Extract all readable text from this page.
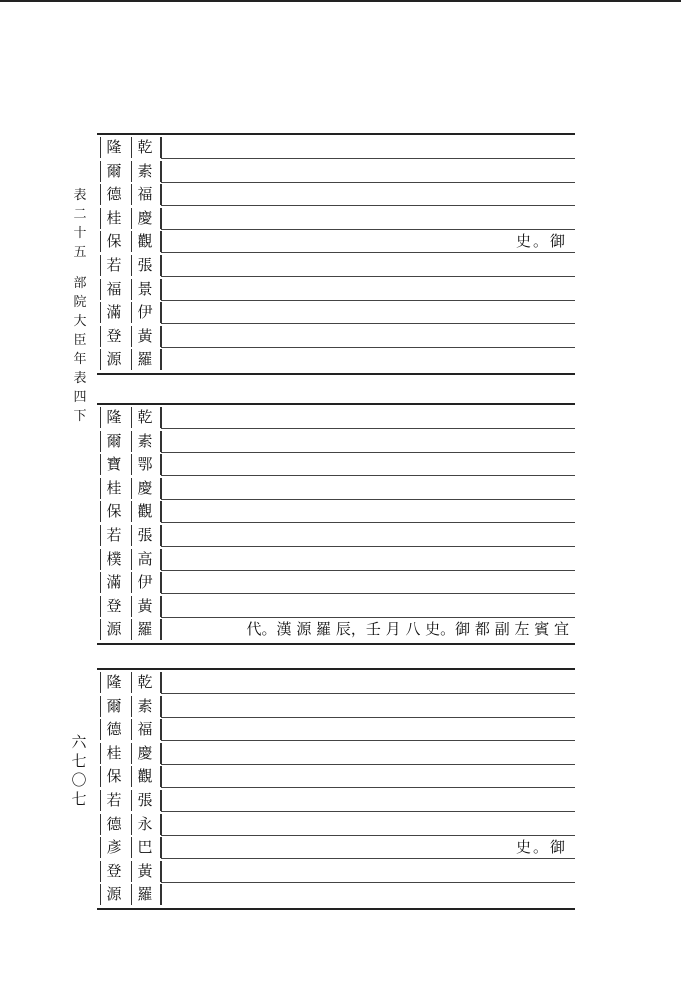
表
二
十
五
部
院
大
臣
年
表
四
下
六
七
〇
七
隆	乾
爾	素
德	福
桂	慶
保	觀	史。御
若	張
福	景
滿	伊
登	黃
源	羅
隆	乾
爾	素
寶	鄂
桂	慶
保	觀
若	張
樸	高
滿	伊
登	黃
源	羅	代。漢 源 羅 辰，壬 月 八 史。御 都 副 左 賓 宜
隆	乾
爾	素
德	福
桂	慶
保	觀
若	張
德	永
彥	巴	史。御
登	黃
源	羅
